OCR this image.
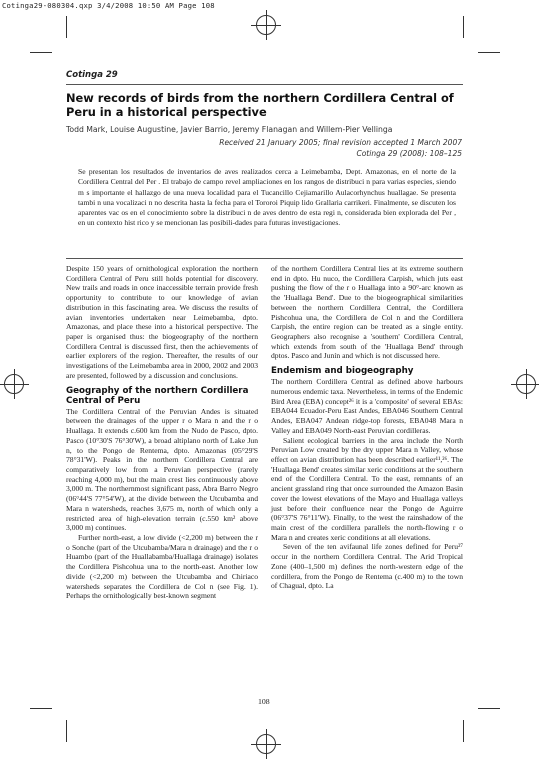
Cotinga29-080304.qxp 3/4/2008 10:50 AM Page 108
Cotinga 29
New records of birds from the northern Cordillera Central of Peru in a historical perspective
Todd Mark, Louise Augustine, Javier Barrio, Jeremy Flanagan and Willem-Pier Vellinga
Received 21 January 2005; final revision accepted 1 March 2007
Cotinga 29 (2008): 108–125
Se presentan los resultados de inventarios de aves realizados cerca a Leimebamba, Dept. Amazonas, en el norte de la Cordillera Central del Per . El trabajo de campo revel ampliaciones en los rangos de distribuci n para varias especies, siendo m s importante el hallazgo de una nueva localidad para el Tucancillo Cejiamarillo Aulacorhynchus huallagae. Se presenta tambi n una vocalizaci n no descrita hasta la fecha para el Tororoi Piquip lido Grallaria carrikeri. Finalmente, se discuten los aparentes vac os en el conocimiento sobre la distribuci n de aves dentro de esta regi n, considerada bien explorada del Per , en un contexto hist rico y se mencionan las posibili-dades para futuras investigaciones.

Despite 150 years of ornithological exploration the northern Cordillera Central of Peru still holds potential for discovery. New trails and roads in once inaccessible terrain provide fresh opportunity to contribute to our knowledge of avian distribution in this fascinating area. We discuss the results of avian inventories undertaken near Leimebamba, dpto. Amazonas, and place these into a historical perspective. The paper is organised thus: the biogeography of the northern Cordillera Central is discussed first, then the achievements of earlier explorers of the region. Thereafter, the results of our investigations of the Leimebamba area in 2000, 2002 and 2003 are presented, followed by a discussion and conclusions.

Geography of the northern Cordillera Central of Peru

The Cordillera Central of the Peruvian Andes is situated between the drainages of the upper r o Mara n and the r o Huallaga. It extends c.600 km from the Nudo de Pasco, dpto. Pasco (10°30'S 76°30'W), a broad altiplano north of Lake Jun n, to the Pongo de Rentema, dpto. Amazonas (05°29'S 78°31'W). Peaks in the northern Cordillera Central are comparatively low from a Peruvian perspective (rarely reaching 4,000 m), but the main crest lies continuously above 3,000 m. The northernmost significant pass, Abra Barro Negro (06°44'S 77°54'W), at the divide between the Utcubamba and Mara n watersheds, reaches 3,675 m, north of which only a restricted area of high-elevation terrain (c.550 km² above 3,000 m) continues.

Further north-east, a low divide (<2,200 m) between the r o Sonche (part of the Utcubamba/Mara n drainage) and the r o Huambo (part of the Huallabamba/Huallaga drainage) isolates the Cordillera Pishcohua una to the north-east. Another low divide (<2,200 m) between the Utcubamba and Chiriaco watersheds separates the Cordillera de Col n (see Fig. 1). Perhaps the ornithologically best-known segment

of the northern Cordillera Central lies at its extreme southern end in dpto. Hu nuco, the Cordillera Carpish, which juts east pushing the flow of the r o Huallaga into a 90°-arc known as the 'Huallaga Bend'. Due to the biogeographical similarities between the northern Cordillera Central, the Cordillera Pishcohua una, the Cordillera de Col n and the Cordillera Carpish, the entire region can be treated as a single entity. Geographers also recognise a 'southern' Cordillera Central, which extends from south of the 'Huallaga Bend' through dptos. Pasco and Junín and which is not discussed here.

Endemism and biogeography

The northern Cordillera Central as defined above harbours numerous endemic taxa. Nevertheless, in terms of the Endemic Bird Area (EBA) concept²⁶ it is a 'composite' of several EBAs: EBA044 Ecuador-Peru East Andes, EBA046 Southern Central Andes, EBA047 Andean ridge-top forests, EBA048 Mara n Valley and EBA049 North-east Peruvian cordilleras.

Salient ecological barriers in the area include the North Peruvian Low created by the dry upper Mara n Valley, whose effect on avian distribution has been described earlier¹¹,²⁶. The 'Huallaga Bend' creates similar xeric conditions at the southern end of the Cordillera Central. To the east, remnants of an ancient grassland ring that once surrounded the Amazon Basin cover the lowest elevations of the Mayo and Huallaga valleys just before their confluence near the Pongo de Aguirre (06°37'S 76°11'W). Finally, to the west the rainshadow of the main crest of the cordillera parallels the north-flowing r o Mara n and creates xeric conditions at all elevations.

Seven of the ten avifaunal life zones defined for Peru²⁷ occur in the northern Cordillera Central. The Arid Tropical Zone (400–1,500 m) defines the north-western edge of the cordillera, from the Pongo de Rentema (c.400 m) to the town of Chagual, dpto. La

108
